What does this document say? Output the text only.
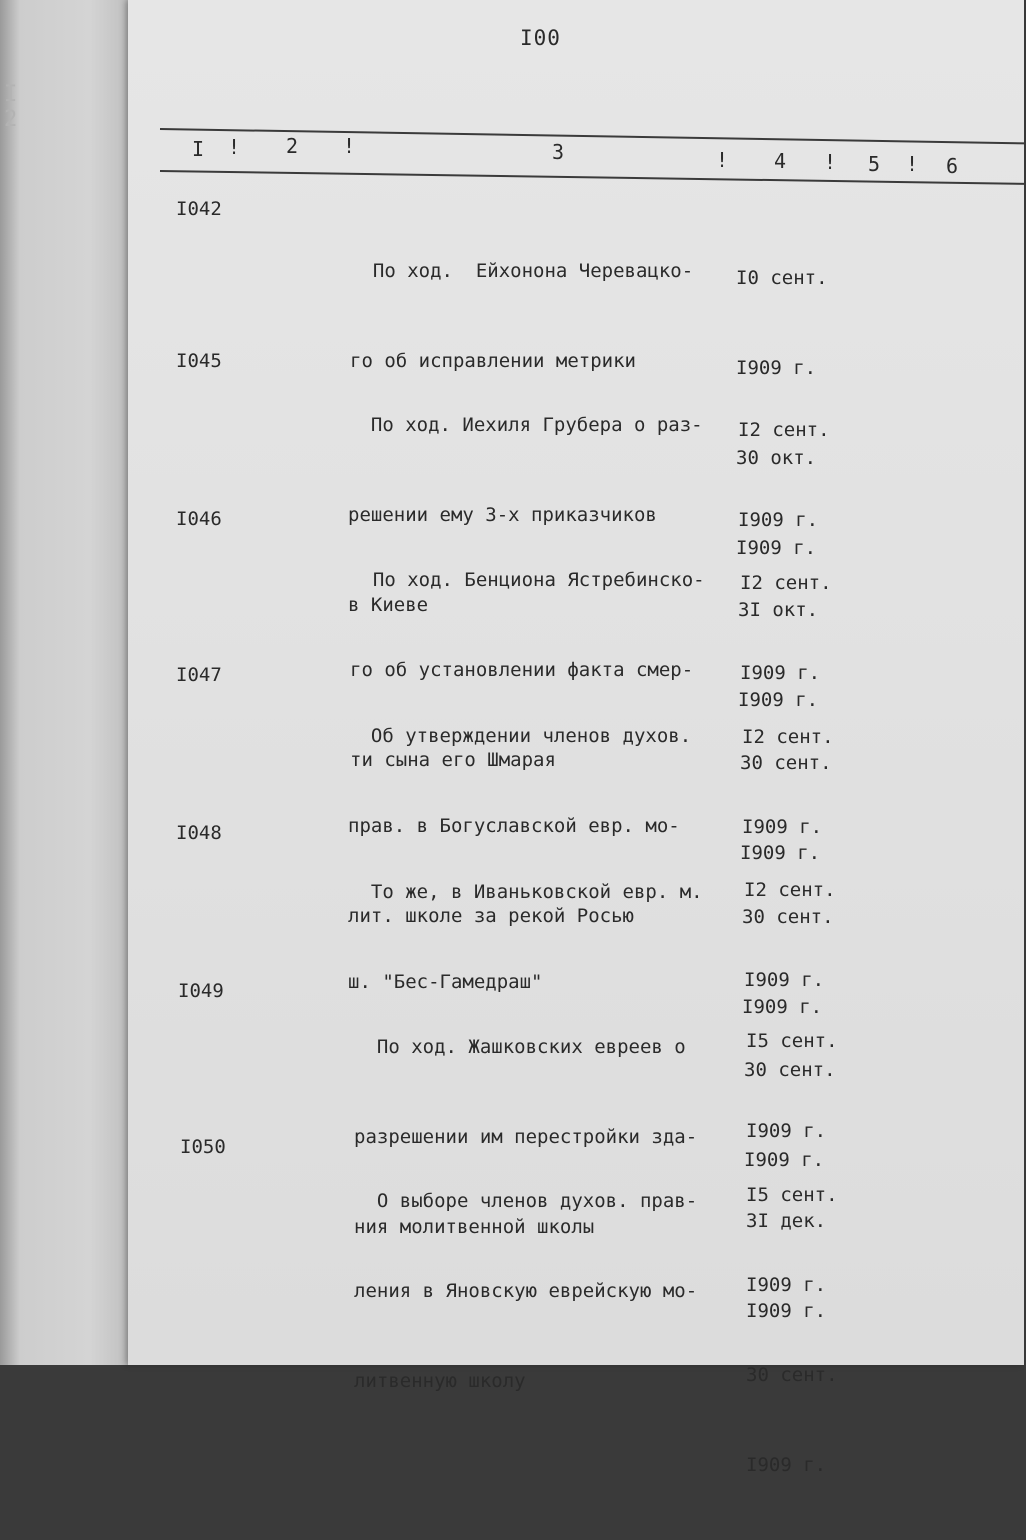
I 2
I00
I ! 2 !	3	! 4 ! 5 ! 6
I042

По ход.  Ейхонона Черевацко-

го об исправлении метрики

I0 сент.

I909 г.

30 окт.

I909 г.

I045

По ход. Иехиля Грубера о раз-

решении ему 3-х приказчиков

в Киеве

I2 сент.

I909 г.

3I окт.

I909 г.

I046

По ход. Бенциона Ястребинско-

го об установлении факта смер-

ти сына его Шмарая

I2 сент.

I909 г.

30 сент.

I909 г.

I047

Об утверждении членов духов.

прав. в Богуславской евр. мо-

лит. школе за рекой Росью

I2 сент.

I909 г.

30 сент.

I909 г.

I048

То же, в Иваньковской евр. м.

ш. "Бес-Гамедраш"

I2 сент.

I909 г.

30 сент.

I909 г.

I049

По ход. Жашковских евреев о

разрешении им перестройки зда-

ния молитвенной школы

I5 сент.

I909 г.

3I дек.

I909 г.

I050

О выборе членов духов. прав-

ления в Яновскую еврейскую мо-

литвенную школу

I5 сент.

I909 г.

30 сент.

I909 г.
